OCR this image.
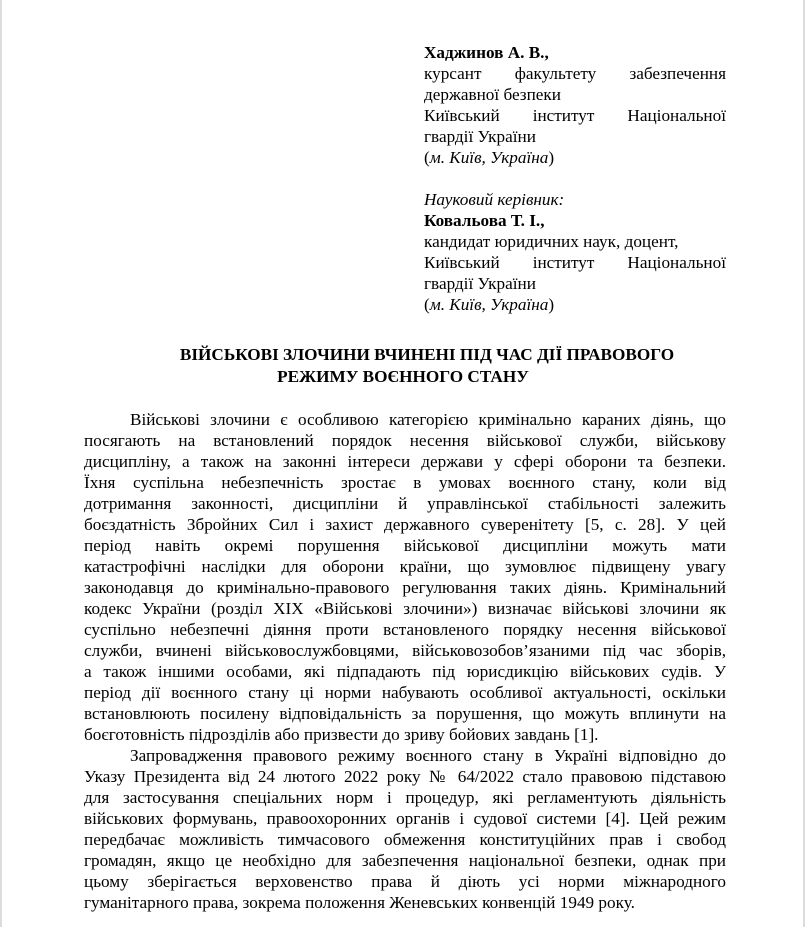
Хаджинов А. В.,
курсант факультету забезпечення
державної безпеки
Київський інститут Національної
гвардії України
(м. Київ, Україна)
Науковий керівник:
Ковальова Т. І.,
кандидат юридичних наук, доцент,
Київський інститут Національної
гвардії України
(м. Київ, Україна)
ВІЙСЬКОВІ ЗЛОЧИНИ ВЧИНЕНІ ПІД ЧАС ДІЇ ПРАВОВОГО
РЕЖИМУ ВОЄННОГО СТАНУ
Військові злочини є особливою категорією кримінально караних діянь, що
посягають на встановлений порядок несення військової служби, військову
дисципліну, а також на законні інтереси держави у сфері оборони та безпеки.
Їхня суспільна небезпечність зростає в умовах воєнного стану, коли від
дотримання законності, дисципліни й управлінської стабільності залежить
боєздатність Збройних Сил і захист державного суверенітету [5, с. 28]. У цей
період навіть окремі порушення військової дисципліни можуть мати
катастрофічні наслідки для оборони країни, що зумовлює підвищену увагу
законодавця до кримінально-правового регулювання таких діянь. Кримінальний
кодекс України (розділ ХІХ «Військові злочини») визначає військові злочини як
суспільно небезпечні діяння проти встановленого порядку несення військової
служби, вчинені військовослужбовцями, військовозобов’язаними під час зборів,
а також іншими особами, які підпадають під юрисдикцію військових судів. У
період дії воєнного стану ці норми набувають особливої актуальності, оскільки
встановлюють посилену відповідальність за порушення, що можуть вплинути на
боєготовність підрозділів або призвести до зриву бойових завдань [1].
Запровадження правового режиму воєнного стану в Україні відповідно до
Указу Президента від 24 лютого 2022 року № 64/2022 стало правовою підставою
для застосування спеціальних норм і процедур, які регламентують діяльність
військових формувань, правоохоронних органів і судової системи [4]. Цей режим
передбачає можливість тимчасового обмеження конституційних прав і свобод
громадян, якщо це необхідно для забезпечення національної безпеки, однак при
цьому зберігається верховенство права й діють усі норми міжнародного
гуманітарного права, зокрема положення Женевських конвенцій 1949 року.
